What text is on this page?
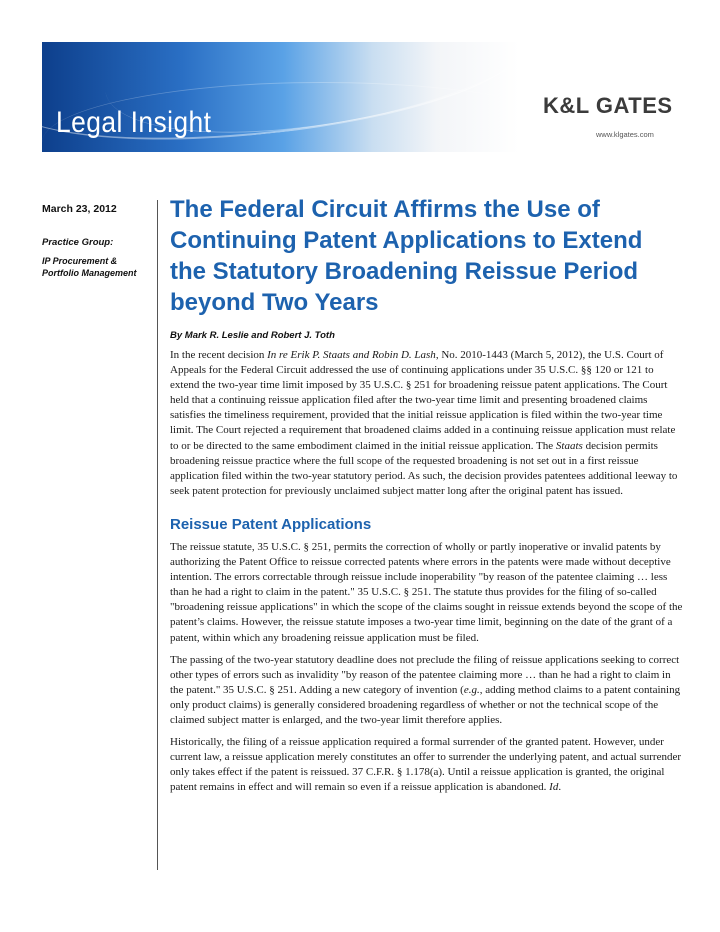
Legal Insight
K&L GATES
www.klgates.com
March 23, 2012
Practice Group:
IP Procurement & Portfolio Management
The Federal Circuit Affirms the Use of Continuing Patent Applications to Extend the Statutory Broadening Reissue Period beyond Two Years
By Mark R. Leslie and Robert J. Toth

In the recent decision In re Erik P. Staats and Robin D. Lash, No. 2010-1443 (March 5, 2012), the U.S. Court of Appeals for the Federal Circuit addressed the use of continuing applications under 35 U.S.C. §§ 120 or 121 to extend the two-year time limit imposed by 35 U.S.C. § 251 for broadening reissue patent applications. The Court held that a continuing reissue application filed after the two-year time limit and presenting broadened claims satisfies the timeliness requirement, provided that the initial reissue application is filed within the two-year time limit. The Court rejected a requirement that broadened claims added in a continuing reissue application must relate to or be directed to the same embodiment claimed in the initial reissue application. The Staats decision permits broadening reissue practice where the full scope of the requested broadening is not set out in a first reissue application filed within the two-year statutory period. As such, the decision provides patentees additional leeway to seek patent protection for previously unclaimed subject matter long after the original patent has issued.

Reissue Patent Applications

The reissue statute, 35 U.S.C. § 251, permits the correction of wholly or partly inoperative or invalid patents by authorizing the Patent Office to reissue corrected patents where errors in the patents were made without deceptive intention. The errors correctable through reissue include inoperability "by reason of the patentee claiming … less than he had a right to claim in the patent." 35 U.S.C. § 251. The statute thus provides for the filing of so-called "broadening reissue applications" in which the scope of the claims sought in reissue extends beyond the scope of the patent’s claims. However, the reissue statute imposes a two-year time limit, beginning on the date of the grant of a patent, within which any broadening reissue application must be filed.

The passing of the two-year statutory deadline does not preclude the filing of reissue applications seeking to correct other types of errors such as invalidity "by reason of the patentee claiming more … than he had a right to claim in the patent." 35 U.S.C. § 251. Adding a new category of invention (e.g., adding method claims to a patent containing only product claims) is generally considered broadening regardless of whether or not the technical scope of the claimed subject matter is enlarged, and the two-year limit therefore applies.

Historically, the filing of a reissue application required a formal surrender of the granted patent. However, under current law, a reissue application merely constitutes an offer to surrender the underlying patent, and actual surrender only takes effect if the patent is reissued. 37 C.F.R. § 1.178(a). Until a reissue application is granted, the original patent remains in effect and will remain so even if a reissue application is abandoned. Id.
